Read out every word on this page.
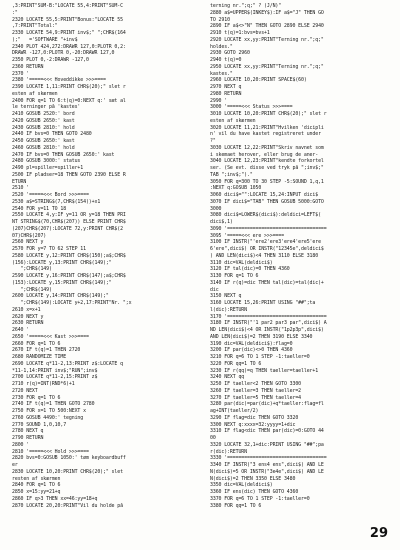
,3:PRINT"SUM-B:"LOCATE 55,4:PRINT"SUM-C
:"
2320 LOCATE 55,5:PRINT"Bonus:"LOCATE 55
,7:PRINT"Total:"
2330 LOCATE 54,9:PRINT inv$;" ";CHR$(164
);"   ='SOFTWARE "+inv$
2340 PLOT 424,272:DRAWR 127,0:PLOTR 0,2:
DRAWR -127,0:PLOTR 0,-20:DRAWR 127,0
2350 PLOT 0,-2:DRAWR -127,0
2360 RETURN
2370 '
2380 '=====<<< Hoveddikke >>>====
2390 LOCATE 1,11:PRINT CHR$(20);" slet r
esten af skærmen
2400 FOR q=1 TO 6:t(q)=0:NEXT q:' sæt al
le terninger på 'kastes'
2410 GOSUB 2520:' bord
2420 GOSUB 2650:' kast
2430 GOSUB 2810:' hold
2440 IF bvs=0 THEN GOTO 2480
2450 GOSUB 2650:' kast
2460 GOSUB 2810:' hold
2470 IF bvs=0 THEN GOSUB 2650:' kast
2480 GOSUB 3000:' status
2490 pl=spiller=spiller+1
2500 IF pladser=18 THEN GOTO 2390 ELSE R
ETURN
2510 '
2520 '=====<<< Bord >>>====
2530 a$=STRING$(7,CHR$(154))+x1
2540 FOR y=11 TO 18
2550 LOCATE 4,y:IF y=11 OR y=18 THEN PRI
NT STRING$(70,CHR$(207)) ELSE PRINT CHR$
(207)CHR$(207):LOCATE 72,y:PRINT CHR$(2
07)CHR$(207)
2560 NEXT y
2570 FOR y=7 TO 62 STEP 11
2580 LOCATE y,12:PRINT CHR$(150);a$;CHR$
(156):LOCATE y,13:PRINT CHR$(149);"
";CHR$(149)
2590 LOCATE y,16:PRINT CHR$(147);a$;CHR$
(153):LOCATE y,15:PRINT CHR$(149);"
";CHR$(149)
2600 LOCATE y,14:PRINT CHR$(149);"
";CHR$(149):LOCATE y+2,17:PRINT"Nr. ";x
2610 x=x+1
2620 NEXT y
2630 RETURN
2640 '
2650 '=====<<< Kast >>>====
2660 FOR q=1 TO 6
2670 IF t(q)=1 THEN 2720
2680 RANDOMIZE TIME
2690 LOCATE q*11-2,13:PRINT z$:LOCATE q
*11-1,14:PRINT inv$;"RUN";inv$
2700 LOCATE q*11-2,15:PRINT z$
2710 r(q)=INT(RND*6)+1
2720 NEXT
2730 FOR q=1 TO 6
2740 IF t(q)=1 THEN GOTO 2780
2750 FOR x=1 TO 500:NEXT x
2760 GOSUB 4490:' tegning
2770 SOUND 1,0,10,7
2780 NEXT q
2790 RETURN
2800 '
2810 '=====<<< Hold >>>====
2820 bvs=0:GOSUB 1050:' tøm keyboardbuff
er
2830 LOCATE 10,20:PRINT CHR$(20);" slet
resten af skærmen
2840 FOR q=1 TO 6
2850 x=15:yy=21+q
2860 IF q>3 THEN xx=46:yy=18+q
2870 LOCATE 20,20:PRINT"Vil du holde på
terning nr.";q;" ? (J/N)"
2880 a$=UPPER$(INKEY$):IF a$="J" THEN GO
TO 2910
2890 IF a$<>"N" THEN GOTO 2890 ELSE 2940
2910 t(q)=1:bvs=bvs+1
2920 LOCATE xx,yy:PRINT"Terning nr.";q;"
holdes."
2930 GOTO 2960
2940 t(q)=0
2950 LOCATE xx,yy:PRINT"Terning nr.";q;"
kastes."
2960 LOCATE 10,20:PRINT SPACE$(60)
2970 NEXT q
2980 RETURN
2990 '
3000 '=====<<< Status >>>====
3010 LOCATE 10,20:PRINT CHR$(20);" slet r
esten af skærmen
3020 LOCATE 11,21:PRINT"Hvilken 'dicipli
n' vil du have kastet registreret under
?"
3030 LOCATE 12,22:PRINT"Skriv navnet som
i skemaet herover, eller brug de aner-
3040 LOCATE 12,23:PRINT"kendte forkortel
ser. (Se evt. disse ved tryk på ";inv$;"
TAB ";inv$;")."
3050 FOR q=300 TO 30 STEP -5:SOUND 1,q,1
:NEXT q:GOSUB 1050
3060 dici$="":LOCATE 15,24:INPUT dici$
3070 IF dici$="TAB" THEN GOSUB 5000:GOTO
3000
3080 dici$=LOWER$(dici$):deldici=LEFT$(
dici$,1)
3090 '===================================
3095 '=====<<< ere >>>====
3100 IF INSTR("'ere2'ere3'ere4'ere5'ere
6'ere",dici$) OR INSTR("12345e",deldici$
) AND LEN(dici$)<4 THEN 3110 ELSE 3180
3110 dic=VAL(deldici$)
3120 IF tal(dic)=0 THEN 4360
3130 FOR q=1 TO 6
3140 IF r(q)=dic THEN tal(dic)=tal(dic)+
dic
3150 NEXT q
3160 LOCATE 15,26:PRINT USING "##";ta
l(dic):RETURN
3170 '===================================
3180 IF INSTR("'1 par2 par3 par",dici$) A
ND LEN(dici$)<4 OR INSTR("1p2p3p",dici$)
AND LEN(dici$)=2 THEN 3190 ELSE 3340
3190 dic=VAL(deldici$):flag=0
3200 IF par(dic)<>0 THEN 4360
3210 FOR q=6 TO 1 STEP -1:taeller=0
3220 FOR qq=1 TO 6
3230 IF r(qq)=q THEN taeller=taeller+1
3240 NEXT qq
3250 IF taeller<2 THEN GOTO 3300
3260 IF taeller=3 THEN taeller=2
3270 IF taeller=5 THEN taeller=4
3280 par(dic)=par(dic)+q*taeller:flag=fl
ag+INT(taeller/2)
3290 IF flag=dic THEN GOTO 3320
3300 NEXT q:xxxx=32:yyyy=1+dic
3310 IF flag<dic THEN par(dic)=0:GOTO 44
00
3320 LOCATE 32,1+dic:PRINT USING "##";pa
r(dic):RETURN
3330 '===================================
3340 IF INSTR("3 ens4 ens",dici$) AND LE
N(dici$)=5 OR INSTR("3e4e",dici$) AND LE
N(dici$)=2 THEN 3350 ELSE 3480
3350 dic=VAL(deldici$)
3360 IF ens(dic) THEN GOTO 4360
3370 FOR q=6 TO 1 STEP -1:taeller=0
3380 FOR qq=1 TO 6
29
